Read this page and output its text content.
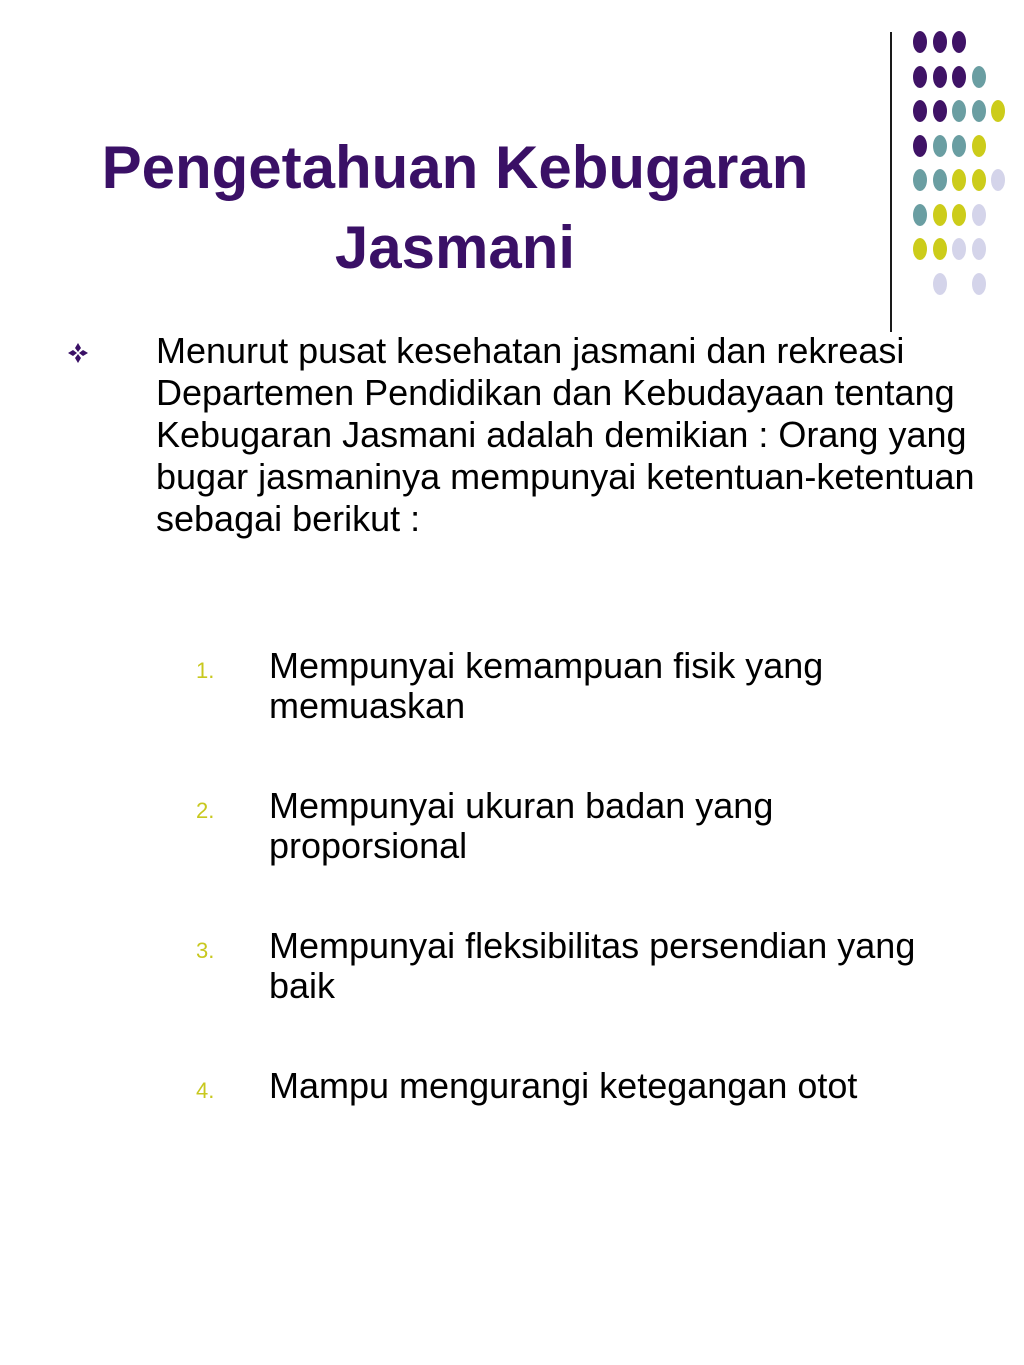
Pengetahuan Kebugaran
Jasmani

Menurut pusat kesehatan jasmani dan rekreasi Departemen Pendidikan dan Kebudayaan tentang Kebugaran Jasmani adalah demikian : Orang yang bugar jasmaninya mempunyai ketentuan-ketentuan sebagai berikut :

1.	Mempunyai kemampuan fisik yang memuaskan

2.	Mempunyai ukuran badan yang proporsional

3.	Mempunyai fleksibilitas persendian yang baik

4.	Mampu mengurangi ketegangan otot
